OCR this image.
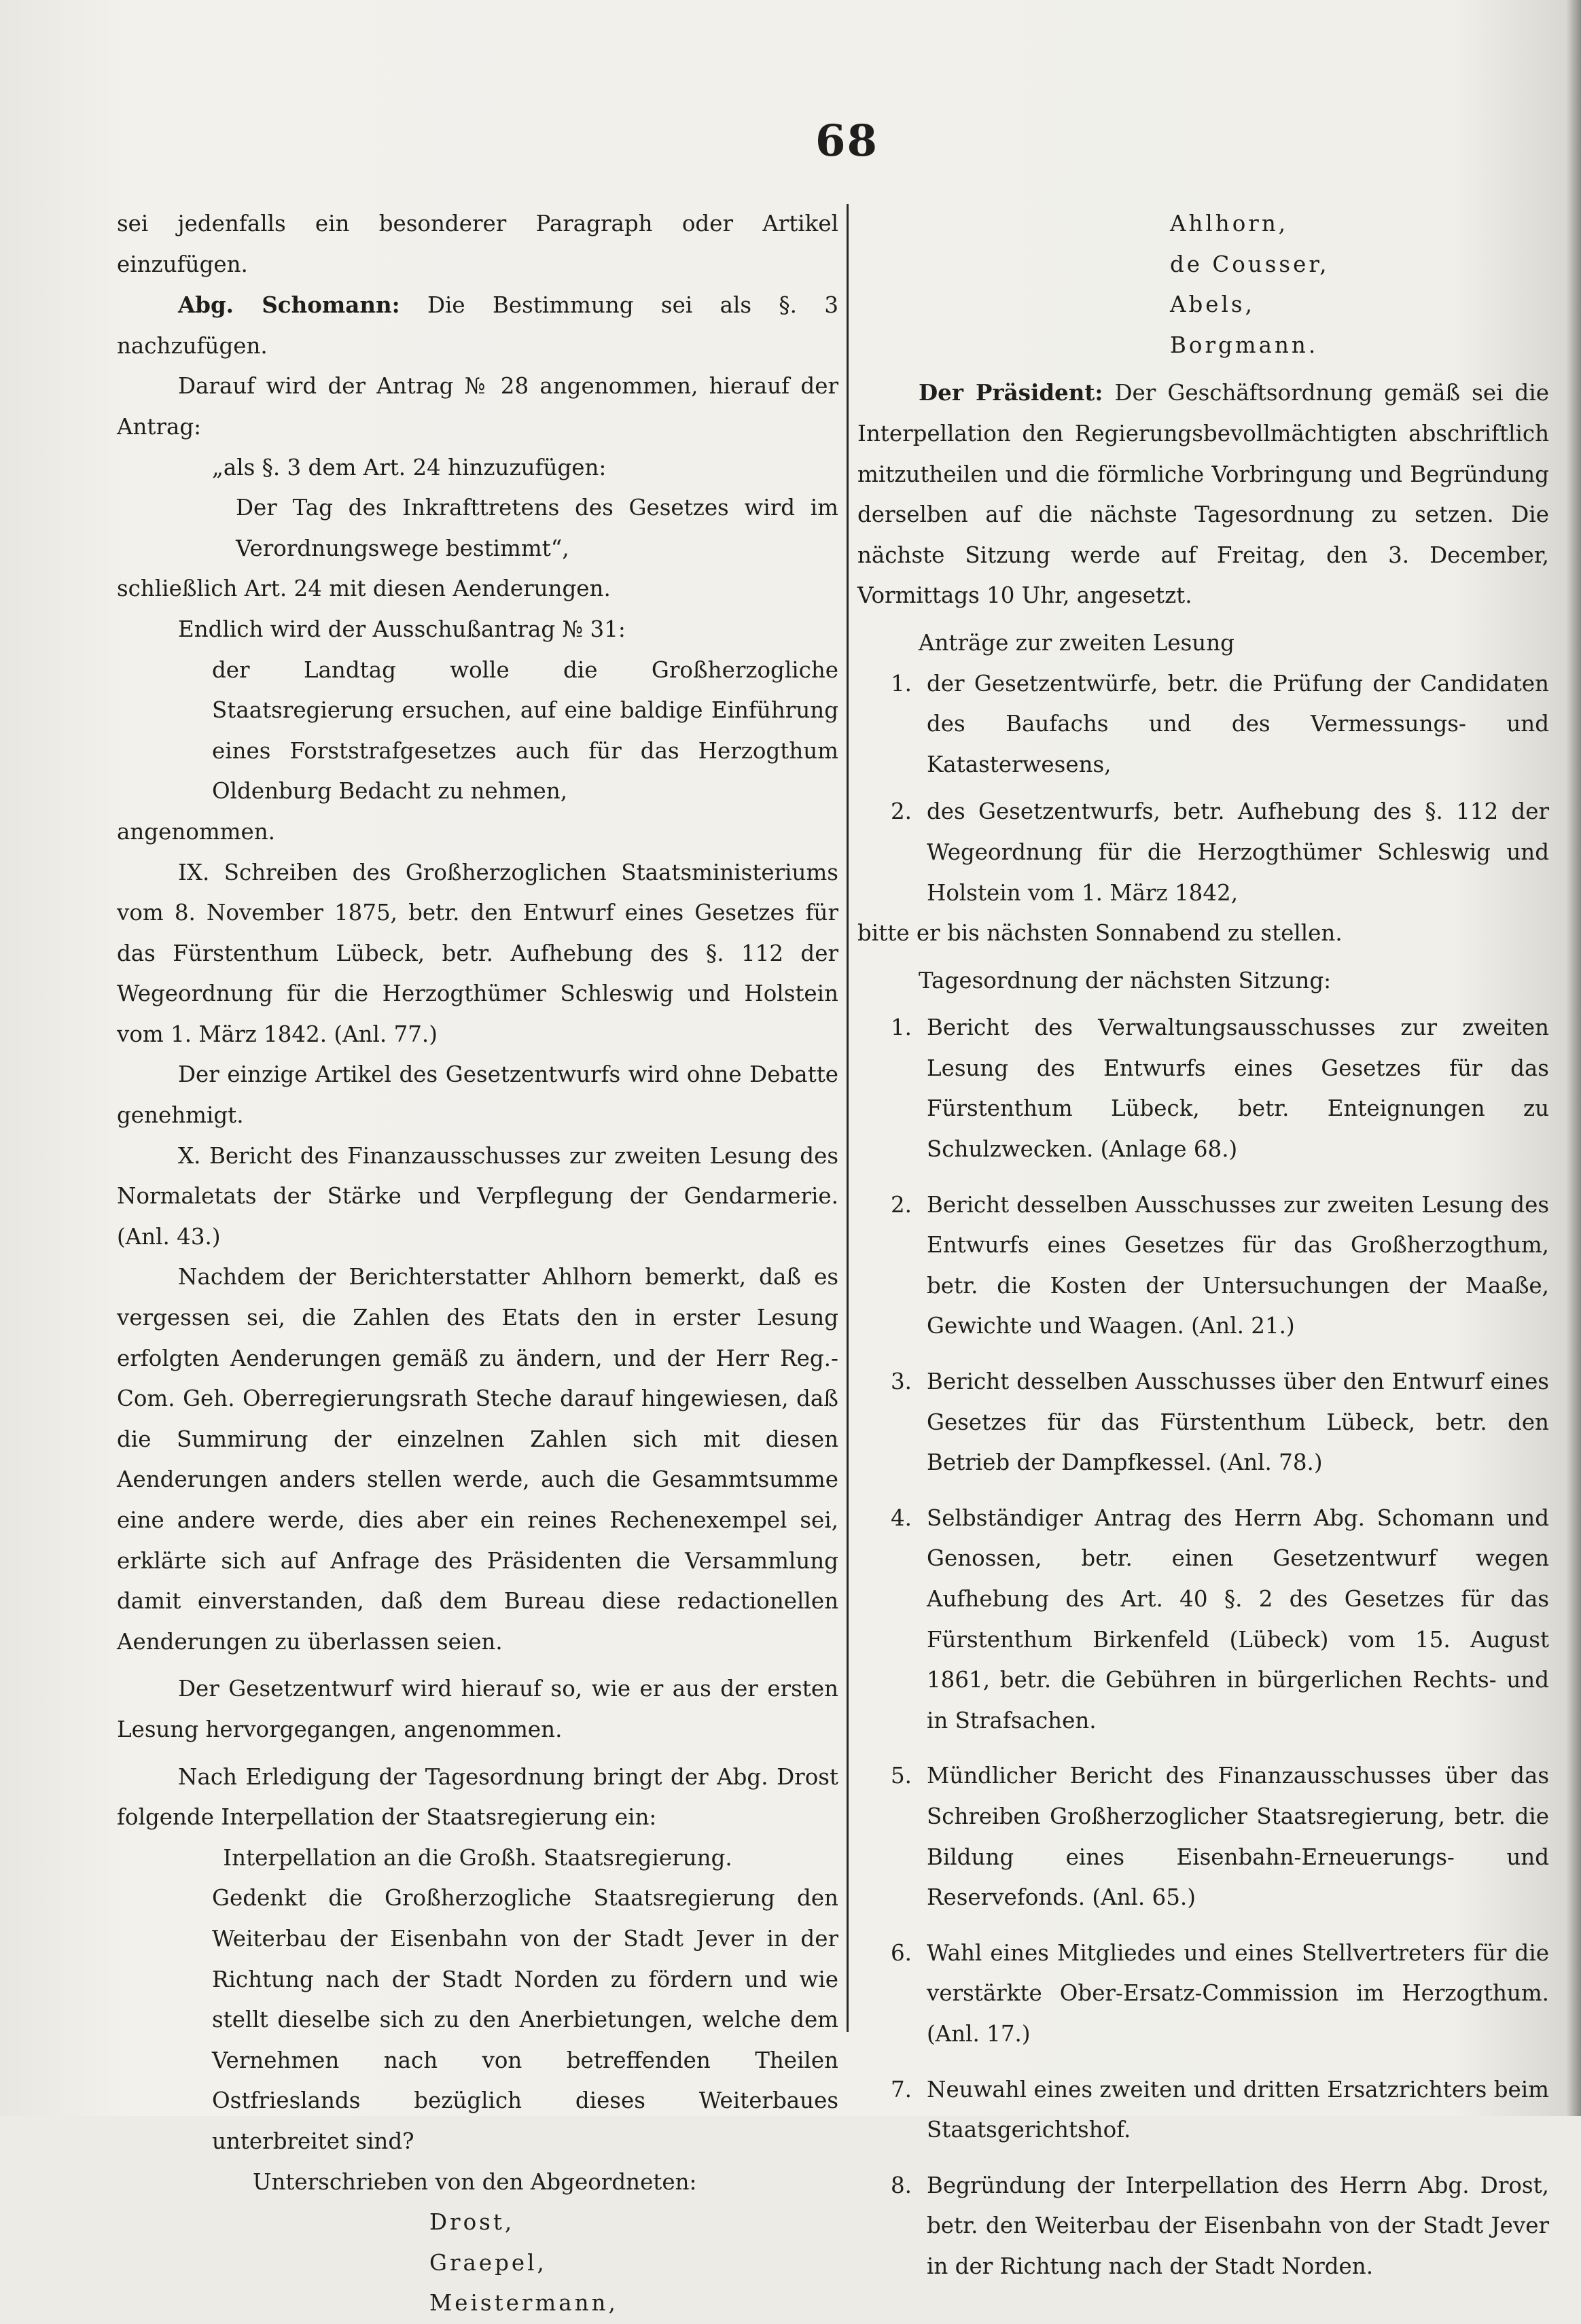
68

sei jedenfalls ein besonderer Paragraph oder Artikel einzufügen.

Abg. Schomann: Die Bestimmung sei als §. 3 nachzufügen.

Darauf wird der Antrag № 28 angenommen, hierauf der Antrag:

„als §. 3 dem Art. 24 hinzuzufügen:

Der Tag des Inkrafttretens des Gesetzes wird im Verordnungswege bestimmt“,

schließlich Art. 24 mit diesen Aenderungen.

Endlich wird der Ausschußantrag № 31:

der Landtag wolle die Großherzogliche Staatsregierung ersuchen, auf eine baldige Einführung eines Forststrafgesetzes auch für das Herzogthum Oldenburg Bedacht zu nehmen,

angenommen.

IX. Schreiben des Großherzoglichen Staatsministeriums vom 8. November 1875, betr. den Entwurf eines Gesetzes für das Fürstenthum Lübeck, betr. Aufhebung des §. 112 der Wegeordnung für die Herzogthümer Schleswig und Holstein vom 1. März 1842. (Anl. 77.)

Der einzige Artikel des Gesetzentwurfs wird ohne Debatte genehmigt.

X. Bericht des Finanzausschusses zur zweiten Lesung des Normaletats der Stärke und Verpflegung der Gendarmerie. (Anl. 43.)

Nachdem der Berichterstatter Ahlhorn bemerkt, daß es vergessen sei, die Zahlen des Etats den in erster Lesung erfolgten Aenderungen gemäß zu ändern, und der Herr Reg.-Com. Geh. Oberregierungsrath Steche darauf hingewiesen, daß die Summirung der einzelnen Zahlen sich mit diesen Aenderungen anders stellen werde, auch die Gesammtsumme eine andere werde, dies aber ein reines Rechenexempel sei, erklärte sich auf Anfrage des Präsidenten die Versammlung damit einverstanden, daß dem Bureau diese redactionellen Aenderungen zu überlassen seien.

Der Gesetzentwurf wird hierauf so, wie er aus der ersten Lesung hervorgegangen, angenommen.

Nach Erledigung der Tagesordnung bringt der Abg. Drost folgende Interpellation der Staatsregierung ein:

Interpellation an die Großh. Staatsregierung.

Gedenkt die Großherzogliche Staatsregierung den Weiterbau der Eisenbahn von der Stadt Jever in der Richtung nach der Stadt Norden zu fördern und wie stellt dieselbe sich zu den Anerbietungen, welche dem Vernehmen nach von betreffenden Theilen Ostfrieslands bezüglich dieses Weiterbaues unterbreitet sind?

Unterschrieben von den Abgeordneten:

Drost,
Graepel,
Meistermann,
Ahlhorn,
de Cousser,
Abels,
Borgmann.

Der Präsident: Der Geschäftsordnung gemäß sei die Interpellation den Regierungsbevollmächtigten abschriftlich mitzutheilen und die förmliche Vorbringung und Begründung derselben auf die nächste Tagesordnung zu setzen. Die nächste Sitzung werde auf Freitag, den 3. December, Vormittags 10 Uhr, angesetzt.

Anträge zur zweiten Lesung

1. der Gesetzentwürfe, betr. die Prüfung der Candidaten des Baufachs und des Vermessungs- und Katasterwesens,
2. des Gesetzentwurfs, betr. Aufhebung des §. 112 der Wegeordnung für die Herzogthümer Schleswig und Holstein vom 1. März 1842,

bitte er bis nächsten Sonnabend zu stellen.

Tagesordnung der nächsten Sitzung:

1. Bericht des Verwaltungsausschusses zur zweiten Lesung des Entwurfs eines Gesetzes für das Fürstenthum Lübeck, betr. Enteignungen zu Schulzwecken. (Anlage 68.)
2. Bericht desselben Ausschusses zur zweiten Lesung des Entwurfs eines Gesetzes für das Großherzogthum, betr. die Kosten der Untersuchungen der Maaße, Gewichte und Waagen. (Anl. 21.)
3. Bericht desselben Ausschusses über den Entwurf eines Gesetzes für das Fürstenthum Lübeck, betr. den Betrieb der Dampfkessel. (Anl. 78.)
4. Selbständiger Antrag des Herrn Abg. Schomann und Genossen, betr. einen Gesetzentwurf wegen Aufhebung des Art. 40 §. 2 des Gesetzes für das Fürstenthum Birkenfeld (Lübeck) vom 15. August 1861, betr. die Gebühren in bürgerlichen Rechts- und in Strafsachen.
5. Mündlicher Bericht des Finanzausschusses über das Schreiben Großherzoglicher Staatsregierung, betr. die Bildung eines Eisenbahn-Erneuerungs- und Reservefonds. (Anl. 65.)
6. Wahl eines Mitgliedes und eines Stellvertreters für die verstärkte Ober-Ersatz-Commission im Herzogthum. (Anl. 17.)
7. Neuwahl eines zweiten und dritten Ersatzrichters beim Staatsgerichtshof.
8. Begründung der Interpellation des Herrn Abg. Drost, betr. den Weiterbau der Eisenbahn von der Stadt Jever in der Richtung nach der Stadt Norden.
